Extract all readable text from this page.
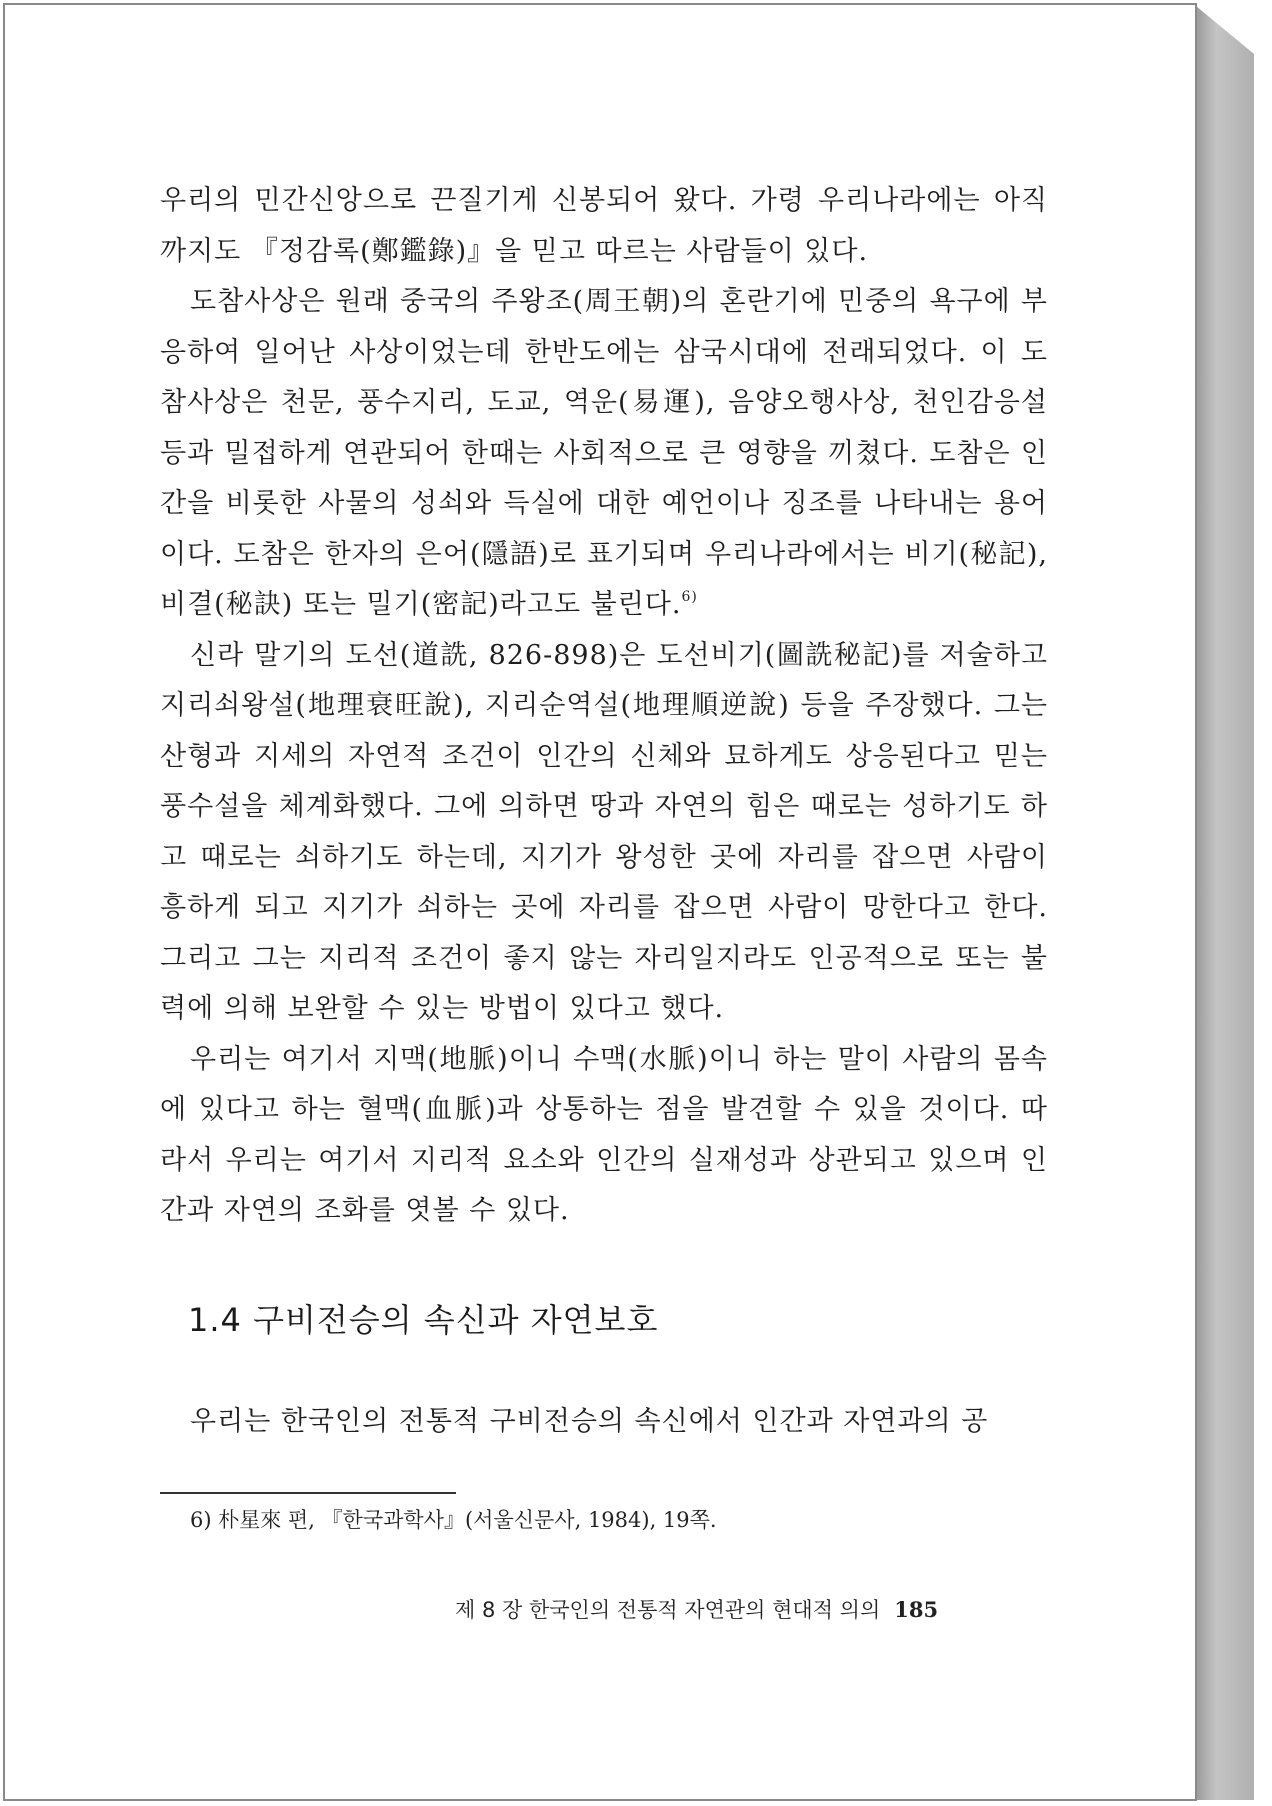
우리의 민간신앙으로 끈질기게 신봉되어 왔다. 가령 우리나라에는 아직까지도 『정감록(鄭鑑錄)』을 믿고 따르는 사람들이 있다.

도참사상은 원래 중국의 주왕조(周王朝)의 혼란기에 민중의 욕구에 부응하여 일어난 사상이었는데 한반도에는 삼국시대에 전래되었다. 이 도참사상은 천문, 풍수지리, 도교, 역운(易運), 음양오행사상, 천인감응설 등과 밀접하게 연관되어 한때는 사회적으로 큰 영향을 끼쳤다. 도참은 인간을 비롯한 사물의 성쇠와 득실에 대한 예언이나 징조를 나타내는 용어이다. 도참은 한자의 은어(隱語)로 표기되며 우리나라에서는 비기(秘記), 비결(秘訣) 또는 밀기(密記)라고도 불린다.$^{6)}$

신라 말기의 도선(道詵, 826-898)은 도선비기(圖詵秘記)를 저술하고 지리쇠왕설(地理衰旺說), 지리순역설(地理順逆說) 등을 주장했다. 그는 산형과 지세의 자연적 조건이 인간의 신체와 묘하게도 상응된다고 믿는 풍수설을 체계화했다. 그에 의하면 땅과 자연의 힘은 때로는 성하기도 하고 때로는 쇠하기도 하는데, 지기가 왕성한 곳에 자리를 잡으면 사람이 흥하게 되고 지기가 쇠하는 곳에 자리를 잡으면 사람이 망한다고 한다. 그리고 그는 지리적 조건이 좋지 않는 자리일지라도 인공적으로 또는 불력에 의해 보완할 수 있는 방법이 있다고 했다.

우리는 여기서 지맥(地脈)이니 수맥(水脈)이니 하는 말이 사람의 몸속에 있다고 하는 혈맥(血脈)과 상통하는 점을 발견할 수 있을 것이다. 따라서 우리는 여기서 지리적 요소와 인간의 실재성과 상관되고 있으며 인간과 자연의 조화를 엿볼 수 있다.

1.4 구비전승의 속신과 자연보호

우리는 한국인의 전통적 구비전승의 속신에서 인간과 자연과의 공

6) 朴星來 편, 『한국과학사』(서울신문사, 1984), 19쪽.

제 8 장 한국인의 전통적 자연관의 현대적 의의 185
